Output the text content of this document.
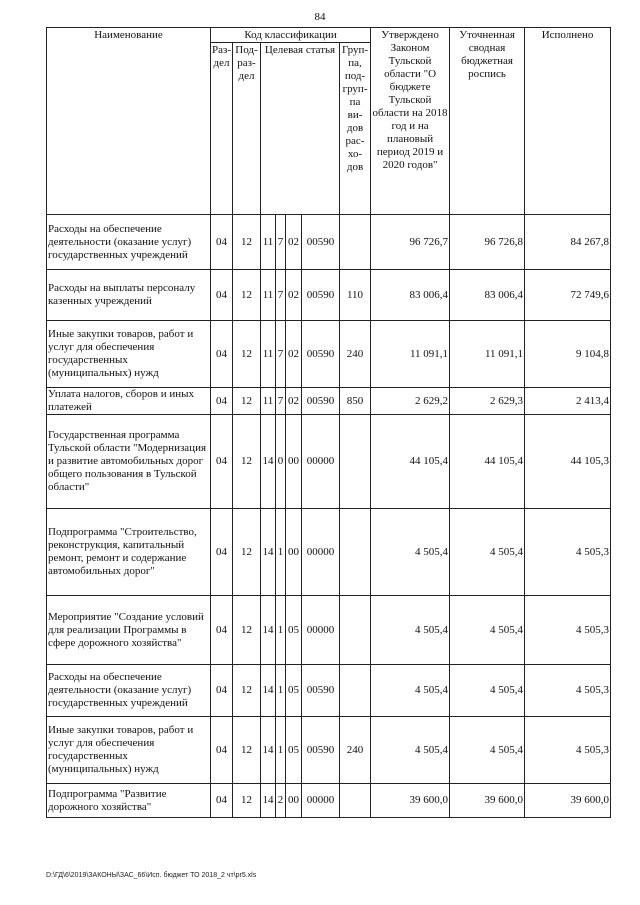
84
Наименование	Код классификации							Утверждено Законом Тульской области "О бюджете Тульской области на 2018 год и на плановый период 2019 и 2020 годов"	Уточненная сводная бюджетная роспись	Исполнено
	Раз-дел	Под-раз-дел	Целевая статья				Груп-па, под-груп-па ви-дов рас-хо-дов			
Расходы на обеспечение деятельности (оказание услуг) государственных учреждений	04	12	11	7	02	00590		96 726,7	96 726,8	84 267,8
Расходы на выплаты персоналу казенных учреждений	04	12	11	7	02	00590	110	83 006,4	83 006,4	72 749,6
Иные закупки товаров, работ и услуг для обеспечения государственных (муниципальных) нужд	04	12	11	7	02	00590	240	11 091,1	11 091,1	9 104,8
Уплата налогов, сборов и иных платежей	04	12	11	7	02	00590	850	2 629,2	2 629,3	2 413,4
Государственная программа Тульской области "Модернизация и развитие автомобильных дорог общего пользования в Тульской области"	04	12	14	0	00	00000		44 105,4	44 105,4	44 105,3
Подпрограмма "Строительство, реконструкция, капитальный ремонт, ремонт и содержание автомобильных дорог"	04	12	14	1	00	00000		4 505,4	4 505,4	4 505,3
Мероприятие "Создание условий для реализации Программы в сфере дорожного хозяйства"	04	12	14	1	05	00000		4 505,4	4 505,4	4 505,3
Расходы на обеспечение деятельности (оказание услуг) государственных учреждений	04	12	14	1	05	00590		4 505,4	4 505,4	4 505,3
Иные закупки товаров, работ и услуг для обеспечения государственных (муниципальных) нужд	04	12	14	1	05	00590	240	4 505,4	4 505,4	4 505,3
Подпрограмма "Развитие дорожного хозяйства"	04	12	14	2	00	00000		39 600,0	39 600,0	39 600,0
D:\ГД\6\2019\ЗАКОНЫ\ЗАС_66\Исп. бюджет ТО 2018_2 чт\pr5.xls
